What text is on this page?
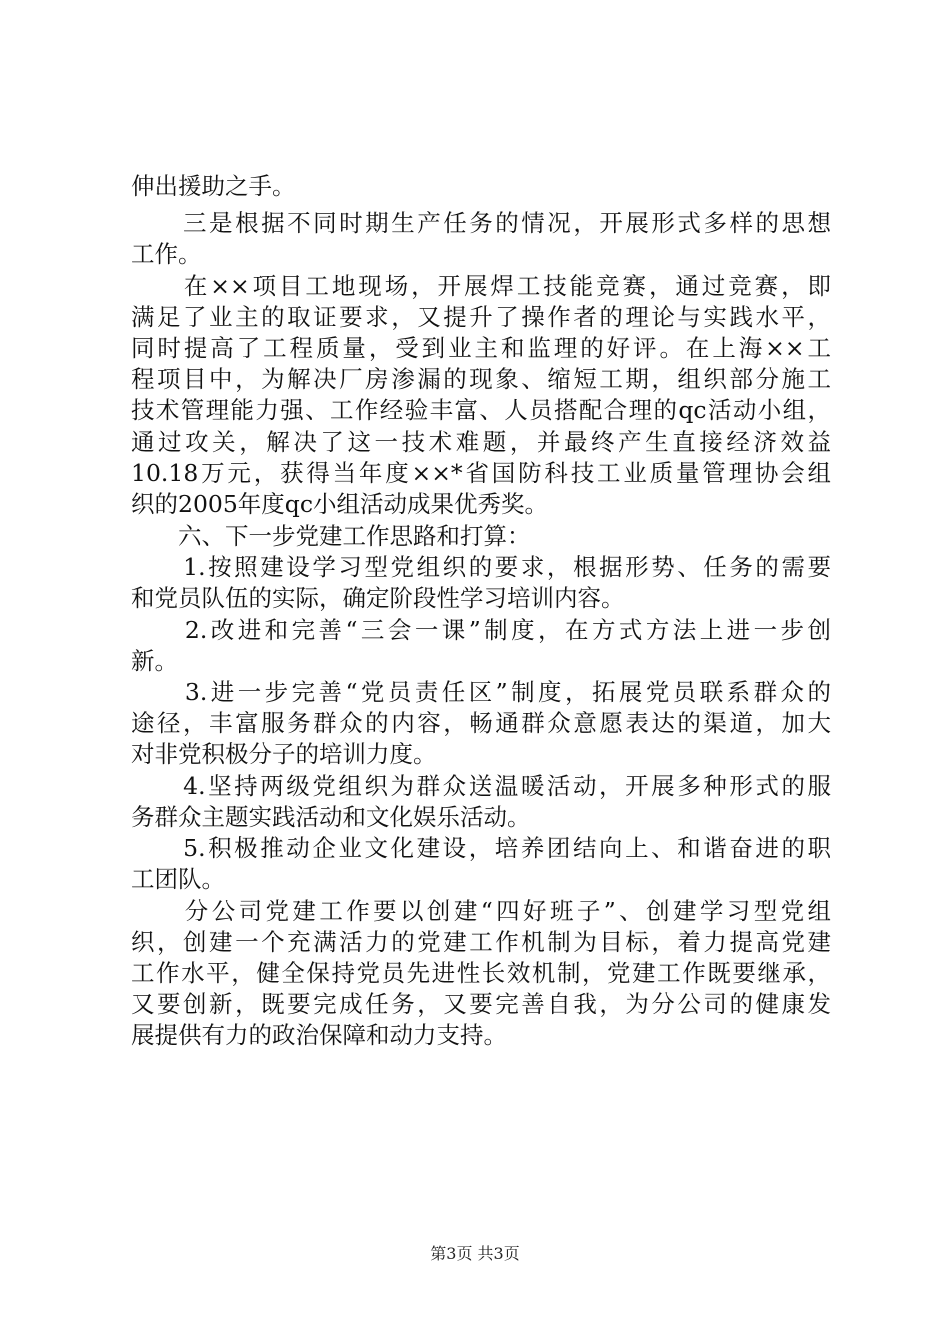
伸出援助之手。
　　三是根据不同时期生产任务的情况，开展形式多样的思想
工作。
　　在××项目工地现场，开展焊工技能竞赛，通过竞赛，即
满足了业主的取证要求，又提升了操作者的理论与实践水平，
同时提高了工程质量，受到业主和监理的好评。在上海××工
程项目中，为解决厂房渗漏的现象、缩短工期，组织部分施工
技术管理能力强、工作经验丰富、人员搭配合理的qc活动小组，
通过攻关，解决了这一技术难题，并最终产生直接经济效益
10.18万元，获得当年度××*省国防科技工业质量管理协会组
织的2005年度qc小组活动成果优秀奖。
　　六、下一步党建工作思路和打算：
　　1.按照建设学习型党组织的要求，根据形势、任务的需要
和党员队伍的实际，确定阶段性学习培训内容。
　　2.改进和完善“三会一课”制度，在方式方法上进一步创
新。
　　3.进一步完善“党员责任区”制度，拓展党员联系群众的
途径，丰富服务群众的内容，畅通群众意愿表达的渠道，加大
对非党积极分子的培训力度。
　　4.坚持两级党组织为群众送温暖活动，开展多种形式的服
务群众主题实践活动和文化娱乐活动。
　　5.积极推动企业文化建设，培养团结向上、和谐奋进的职
工团队。
　　分公司党建工作要以创建“四好班子”、创建学习型党组
织，创建一个充满活力的党建工作机制为目标，着力提高党建
工作水平，健全保持党员先进性长效机制，党建工作既要继承，
又要创新，既要完成任务，又要完善自我，为分公司的健康发
展提供有力的政治保障和动力支持。
第3页 共3页
